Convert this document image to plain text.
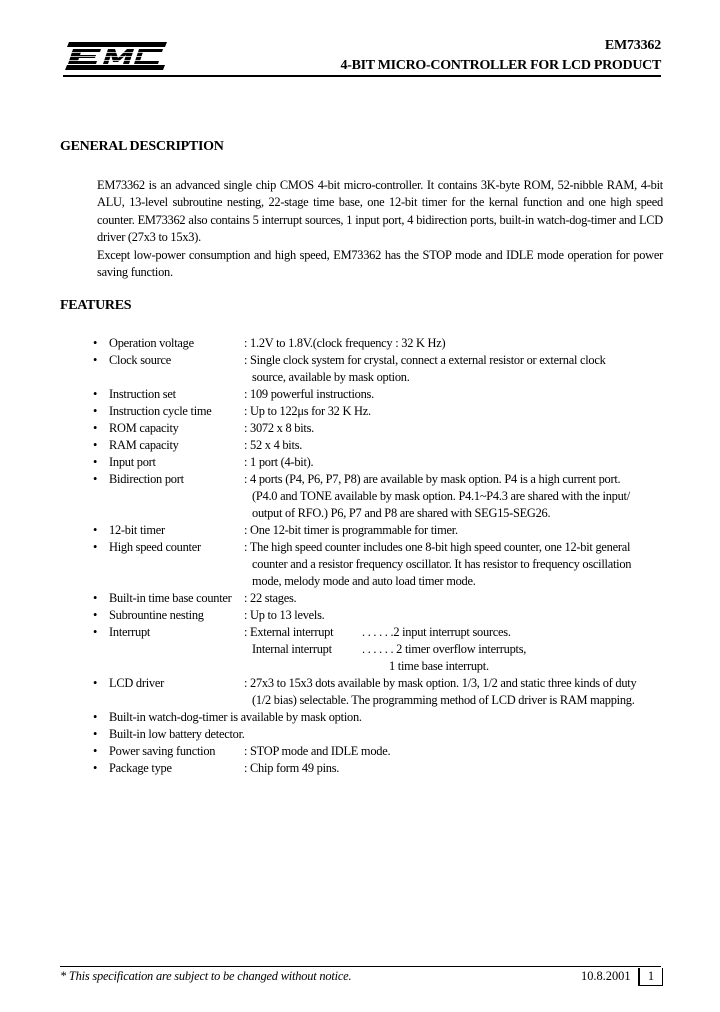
EM73362
4-BIT MICRO-CONTROLLER FOR LCD PRODUCT
GENERAL DESCRIPTION

EM73362 is an advanced single chip CMOS 4-bit micro-controller. It contains 3K-byte ROM, 52-nibble RAM, 4-bit ALU, 13-level subroutine nesting, 22-stage time base, one 12-bit timer for the kernal function and one high speed counter. EM73362 also contains 5 interrupt sources, 1 input port, 4 bidirection ports, built-in watch-dog-timer and LCD driver (27x3 to 15x3).

Except low-power consumption and high speed, EM73362 has the STOP mode and IDLE mode operation for power saving function.

FEATURES
• Operation voltage	: 1.2V to 1.8V.(clock frequency : 32 K Hz)
• Clock source	: Single clock system for crystal, connect a external resistor or external clock
source, available by mask option.
• Instruction set	: 109 powerful instructions.
• Instruction cycle time	: Up to 122μs for 32 K Hz.
• ROM capacity	: 3072 x 8 bits.
• RAM capacity	: 52 x 4 bits.
• Input port	: 1 port (4-bit).
• Bidirection port	: 4 ports (P4, P6, P7, P8) are available by mask option. P4 is a high current port.
(P4.0 and TONE available by mask option. P4.1~P4.3 are shared with the input/
output of RFO.) P6, P7 and P8 are shared with SEG15-SEG26.
• 12-bit timer	: One 12-bit timer is programmable for timer.
• High speed counter	: The high speed counter includes one 8-bit high speed counter, one 12-bit general
counter and a resistor frequency oscillator. It has resistor to frequency oscillation
mode, melody mode and auto load timer mode.
• Built-in time base counter : 22 stages.
• Subrountine nesting	: Up to 13 levels.
• Interrupt	: External interrupt . . . . . .2 input interrupt sources.
Internal interrupt . . . . . . 2 timer overflow interrupts,
1 time base interrupt.
• LCD driver	: 27x3 to 15x3 dots available by mask option. 1/3, 1/2 and static three kinds of duty
(1/2 bias) selectable. The programming method of LCD driver is RAM mapping.
• Built-in watch-dog-timer is available by mask option.
• Built-in low battery detector.
• Power saving function : STOP mode and IDLE mode.
• Package type	: Chip form 49 pins.
* This specification are subject to be changed without notice.	10.8.2001	1
